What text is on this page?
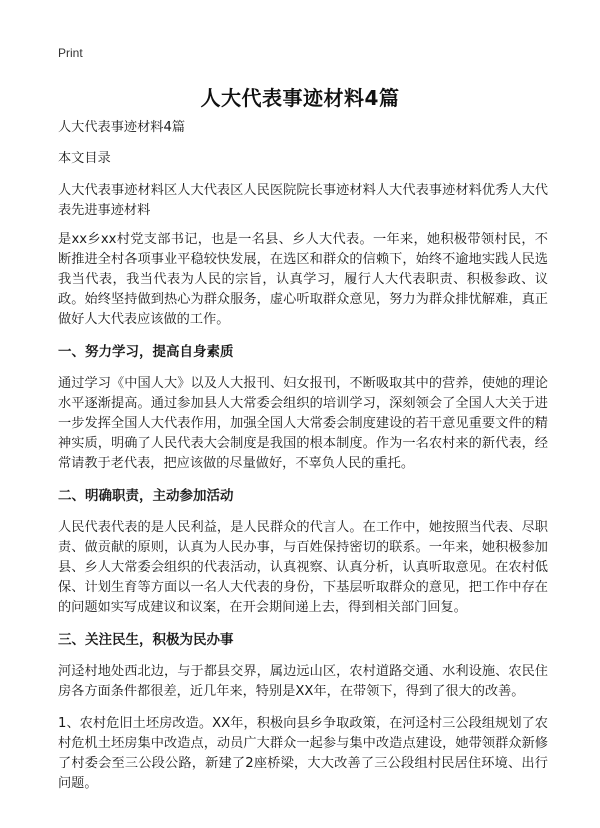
Print
人大代表事迹材料4篇

人大代表事迹材料4篇

本文目录

人大代表事迹材料区人大代表区人民医院院长事迹材料人大代表事迹材料优秀人大代表先进事迹材料

是xx乡xx村党支部书记，也是一名县、乡人大代表。一年来，她积极带领村民，不断推进全村各项事业平稳较快发展，在选区和群众的信赖下，始终不逾地实践人民选我当代表，我当代表为人民的宗旨，认真学习，履行人大代表职责、积极参政、议政。始终坚持做到热心为群众服务，虚心听取群众意见，努力为群众排忧解难，真正做好人大代表应该做的工作。

一、努力学习，提高自身素质

通过学习《中国人大》以及人大报刊、妇女报刊，不断吸取其中的营养，使她的理论水平逐渐提高。通过参加县人大常委会组织的培训学习，深刻领会了全国人大关于进一步发挥全国人大代表作用，加强全国人大常委会制度建设的若干意见重要文件的精神实质，明确了人民代表大会制度是我国的根本制度。作为一名农村来的新代表，经常请教于老代表，把应该做的尽量做好，不辜负人民的重托。

二、明确职责，主动参加活动

人民代表代表的是人民利益，是人民群众的代言人。在工作中，她按照当代表、尽职责、做贡献的原则，认真为人民办事，与百姓保持密切的联系。一年来，她积极参加县、乡人大常委会组织的代表活动，认真视察、认真分析，认真听取意见。在农村低保、计划生育等方面以一名人大代表的身份，下基层听取群众的意见，把工作中存在的问题如实写成建议和议案，在开会期间递上去，得到相关部门回复。

三、关注民生，积极为民办事

河迳村地处西北边，与于都县交界，属边远山区，农村道路交通、水利设施、农民住房各方面条件都很差，近几年来，特别是XX年，在带领下，得到了很大的改善。

1、农村危旧土坯房改造。XX年，积极向县乡争取政策，在河迳村三公段组规划了农村危机土坯房集中改造点，动员广大群众一起参与集中改造点建设，她带领群众新修了村委会至三公段公路，新建了2座桥梁，大大改善了三公段组村民居住环境、出行问题。
